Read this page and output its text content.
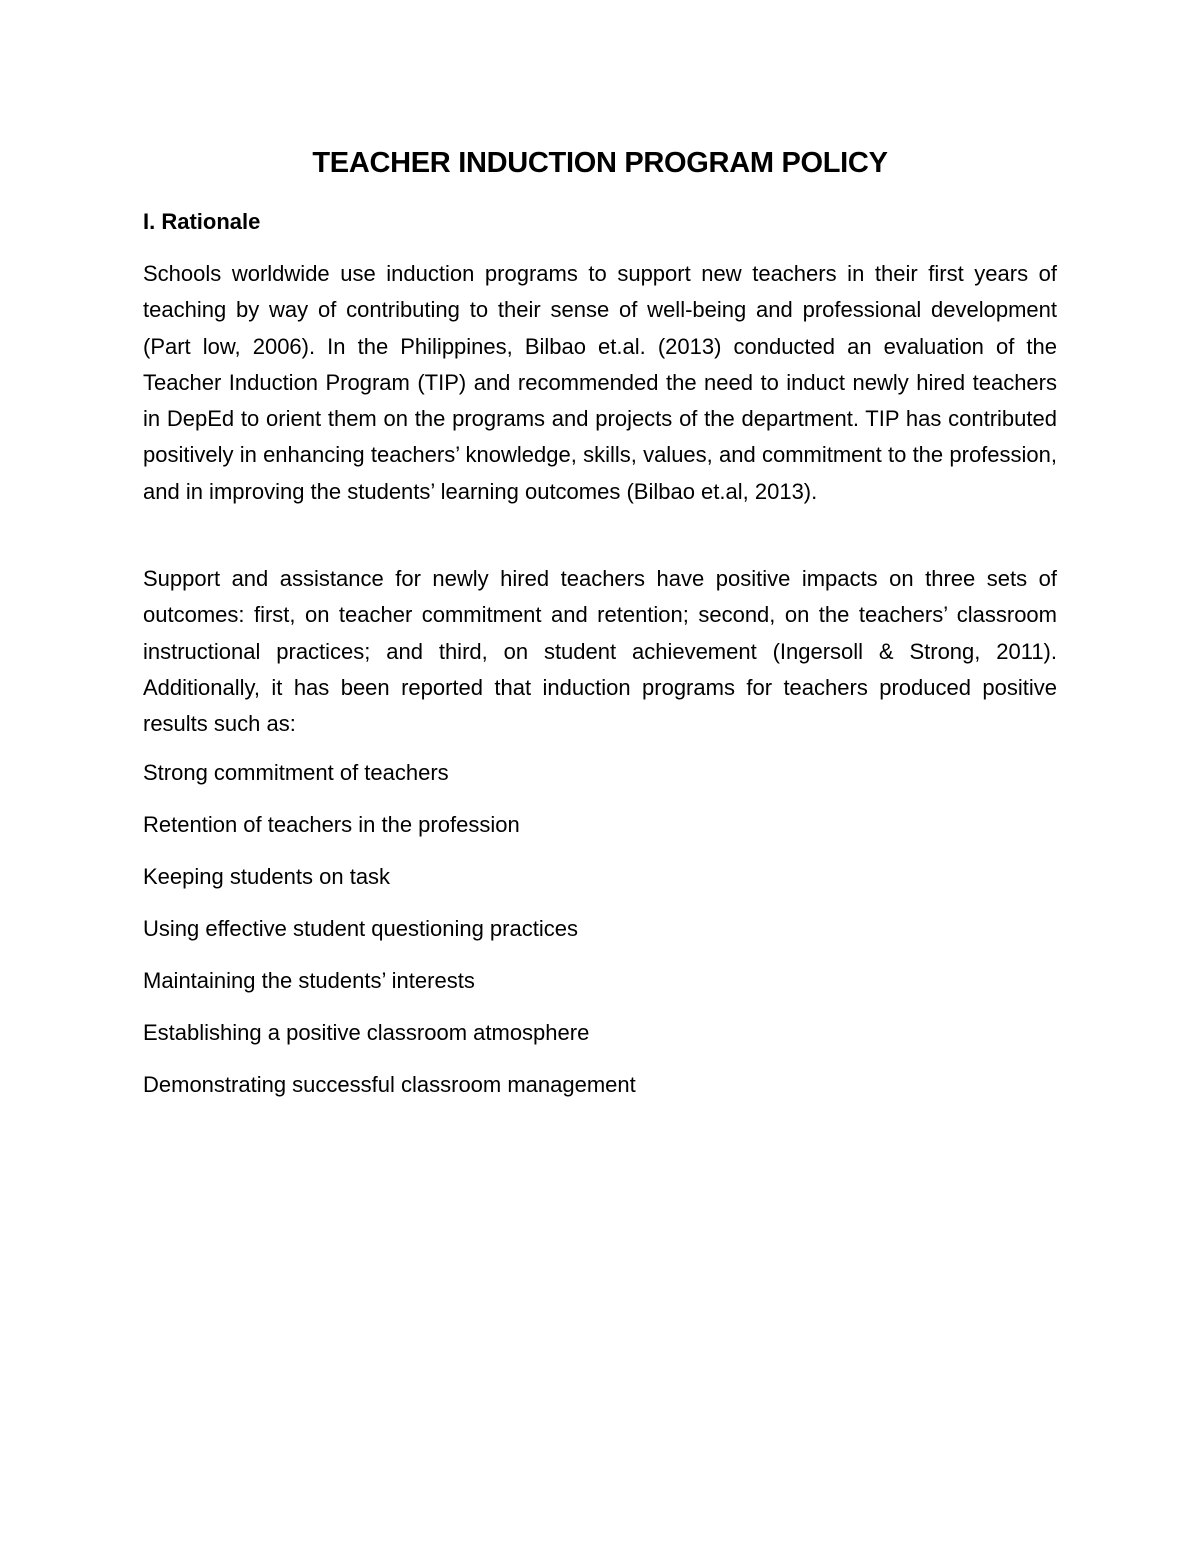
TEACHER INDUCTION PROGRAM POLICY
I. Rationale

Schools worldwide use induction programs to support new teachers in their first years of teaching by way of contributing to their sense of well-being and professional development (Part low, 2006). In the Philippines, Bilbao et.al. (2013) conducted an evaluation of the Teacher Induction Program (TIP) and recommended the need to induct newly hired teachers in DepEd to orient them on the programs and projects of the department. TIP has contributed positively in enhancing teachers’ knowledge, skills, values, and commitment to the profession, and in improving the students’ learning outcomes (Bilbao et.al, 2013).

Support and assistance for newly hired teachers have positive impacts on three sets of outcomes: first, on teacher commitment and retention; second, on the teachers’ classroom instructional practices; and third, on student achievement (Ingersoll & Strong, 2011). Additionally, it has been reported that induction programs for teachers produced positive results such as:

Strong commitment of teachers
Retention of teachers in the profession
Keeping students on task
Using effective student questioning practices
Maintaining the students’ interests
Establishing a positive classroom atmosphere
Demonstrating successful classroom management
